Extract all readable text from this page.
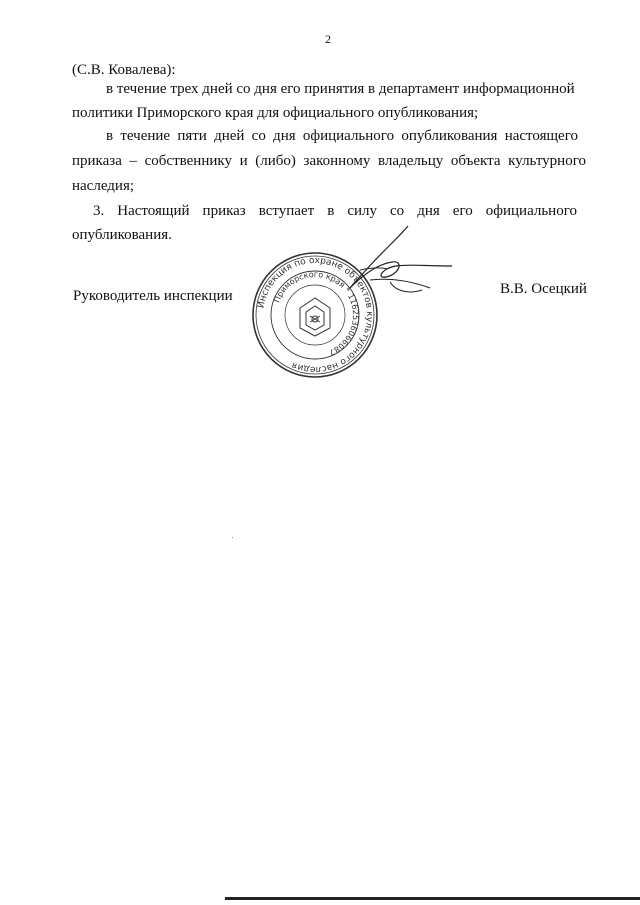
2
(С.В. Ковалева):
в течение трех дней со дня его принятия в департамент информационной
политики Приморского края для официального опубликования;
в течение пяти дней со дня официального опубликования настоящего
приказа – собственнику и (либо) законному владельцу объекта культурного
наследия;
3. Настоящий приказ вступает в силу со дня его официального
опубликования.
Руководитель инспекции	В.В. Осецкий
Инспекция по охране объектов культурного наследия
Приморского края * 1162536066087
